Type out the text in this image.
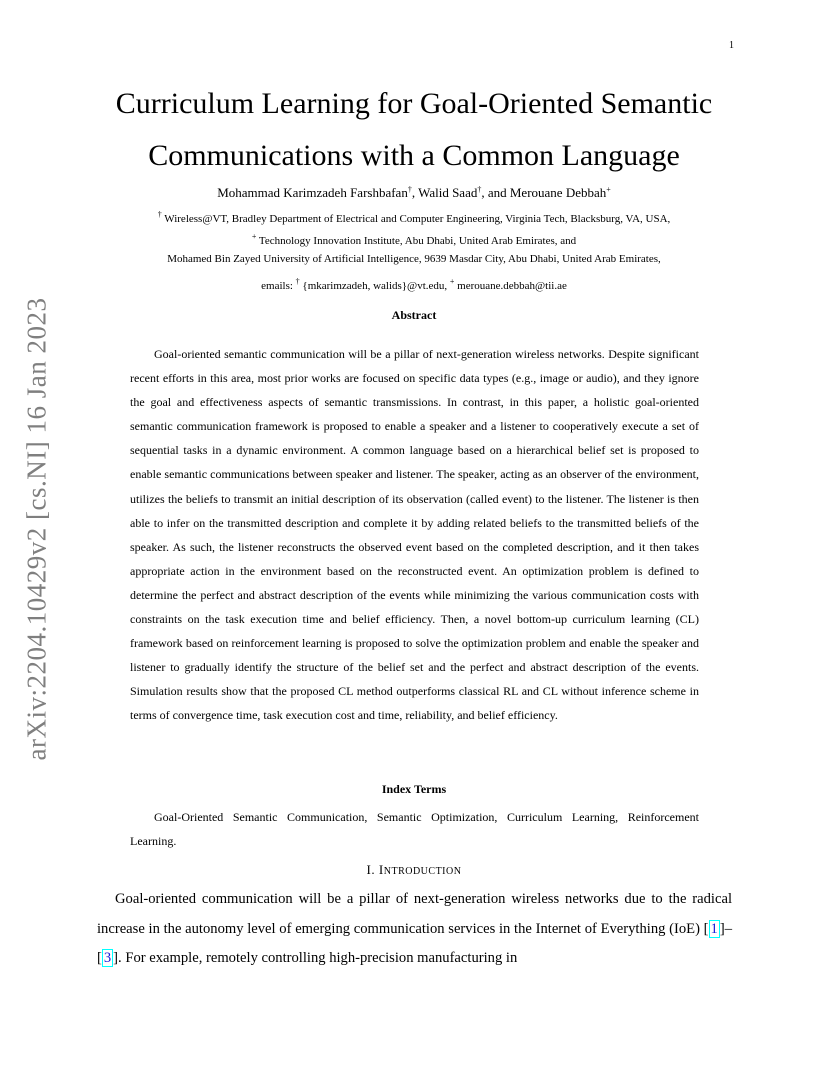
1
arXiv:2204.10429v2 [cs.NI] 16 Jan 2023
Curriculum Learning for Goal-Oriented Semantic Communications with a Common Language
Mohammad Karimzadeh Farshbafan†, Walid Saad†, and Merouane Debbah+
† Wireless@VT, Bradley Department of Electrical and Computer Engineering, Virginia Tech, Blacksburg, VA, USA,
+ Technology Innovation Institute, Abu Dhabi, United Arab Emirates, and
Mohamed Bin Zayed University of Artificial Intelligence, 9639 Masdar City, Abu Dhabi, United Arab Emirates,
emails: † {mkarimzadeh, walids}@vt.edu, + merouane.debbah@tii.ae
Abstract

Goal-oriented semantic communication will be a pillar of next-generation wireless networks. Despite significant recent efforts in this area, most prior works are focused on specific data types (e.g., image or audio), and they ignore the goal and effectiveness aspects of semantic transmissions. In contrast, in this paper, a holistic goal-oriented semantic communication framework is proposed to enable a speaker and a listener to cooperatively execute a set of sequential tasks in a dynamic environment. A common language based on a hierarchical belief set is proposed to enable semantic communications between speaker and listener. The speaker, acting as an observer of the environment, utilizes the beliefs to transmit an initial description of its observation (called event) to the listener. The listener is then able to infer on the transmitted description and complete it by adding related beliefs to the transmitted beliefs of the speaker. As such, the listener reconstructs the observed event based on the completed description, and it then takes appropriate action in the environment based on the reconstructed event. An optimization problem is defined to determine the perfect and abstract description of the events while minimizing the various communication costs with constraints on the task execution time and belief efficiency. Then, a novel bottom-up curriculum learning (CL) framework based on reinforcement learning is proposed to solve the optimization problem and enable the speaker and listener to gradually identify the structure of the belief set and the perfect and abstract description of the events. Simulation results show that the proposed CL method outperforms classical RL and CL without inference scheme in terms of convergence time, task execution cost and time, reliability, and belief efficiency.

Index Terms

Goal-Oriented Semantic Communication, Semantic Optimization, Curriculum Learning, Reinforcement Learning.

I. INTRODUCTION

Goal-oriented communication will be a pillar of next-generation wireless networks due to the radical increase in the autonomy level of emerging communication services in the Internet of Everything (IoE) [ 1 ]–[ 3 ]. For example, remotely controlling high-precision manufacturing in
